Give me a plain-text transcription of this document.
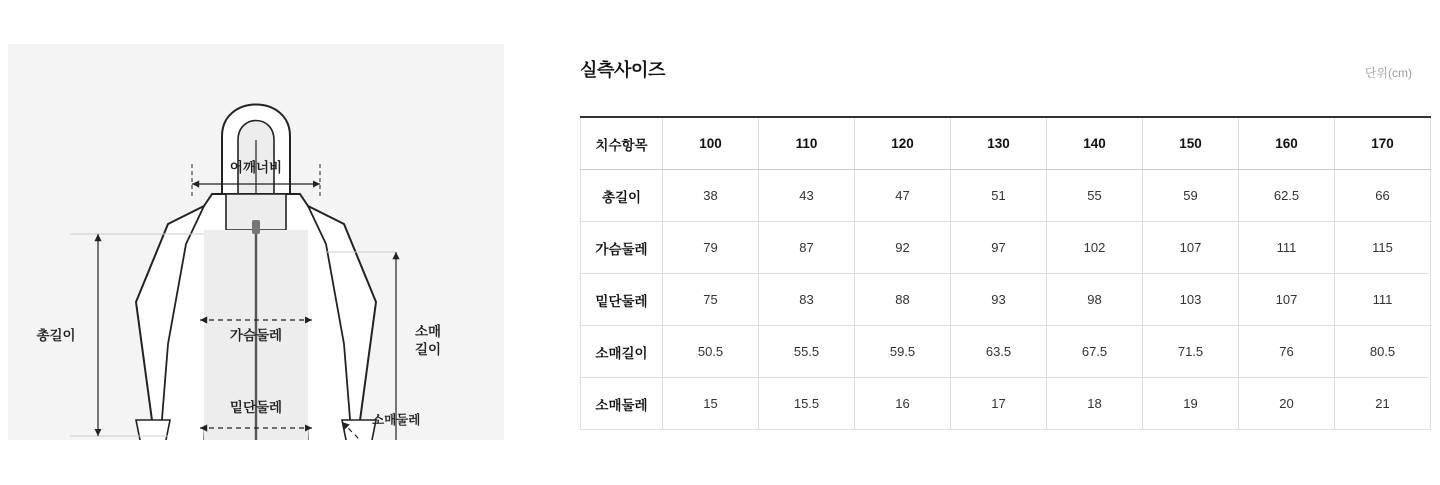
어깨너비
총길이	가슴둘레
밑단둘레
소매
길이
소매둘레
실측사이즈	단위(cm)
치수항목	100	110	120	130	140	150	160	170
총길이	38	43	47	51	55	59	62.5	66
가슴둘레	79	87	92	97	102	107	111	115
밑단둘레	75	83	88	93	98	103	107	111
소매길이	50.5	55.5	59.5	63.5	67.5	71.5	76	80.5
소매둘레	15	15.5	16	17	18	19	20	21
